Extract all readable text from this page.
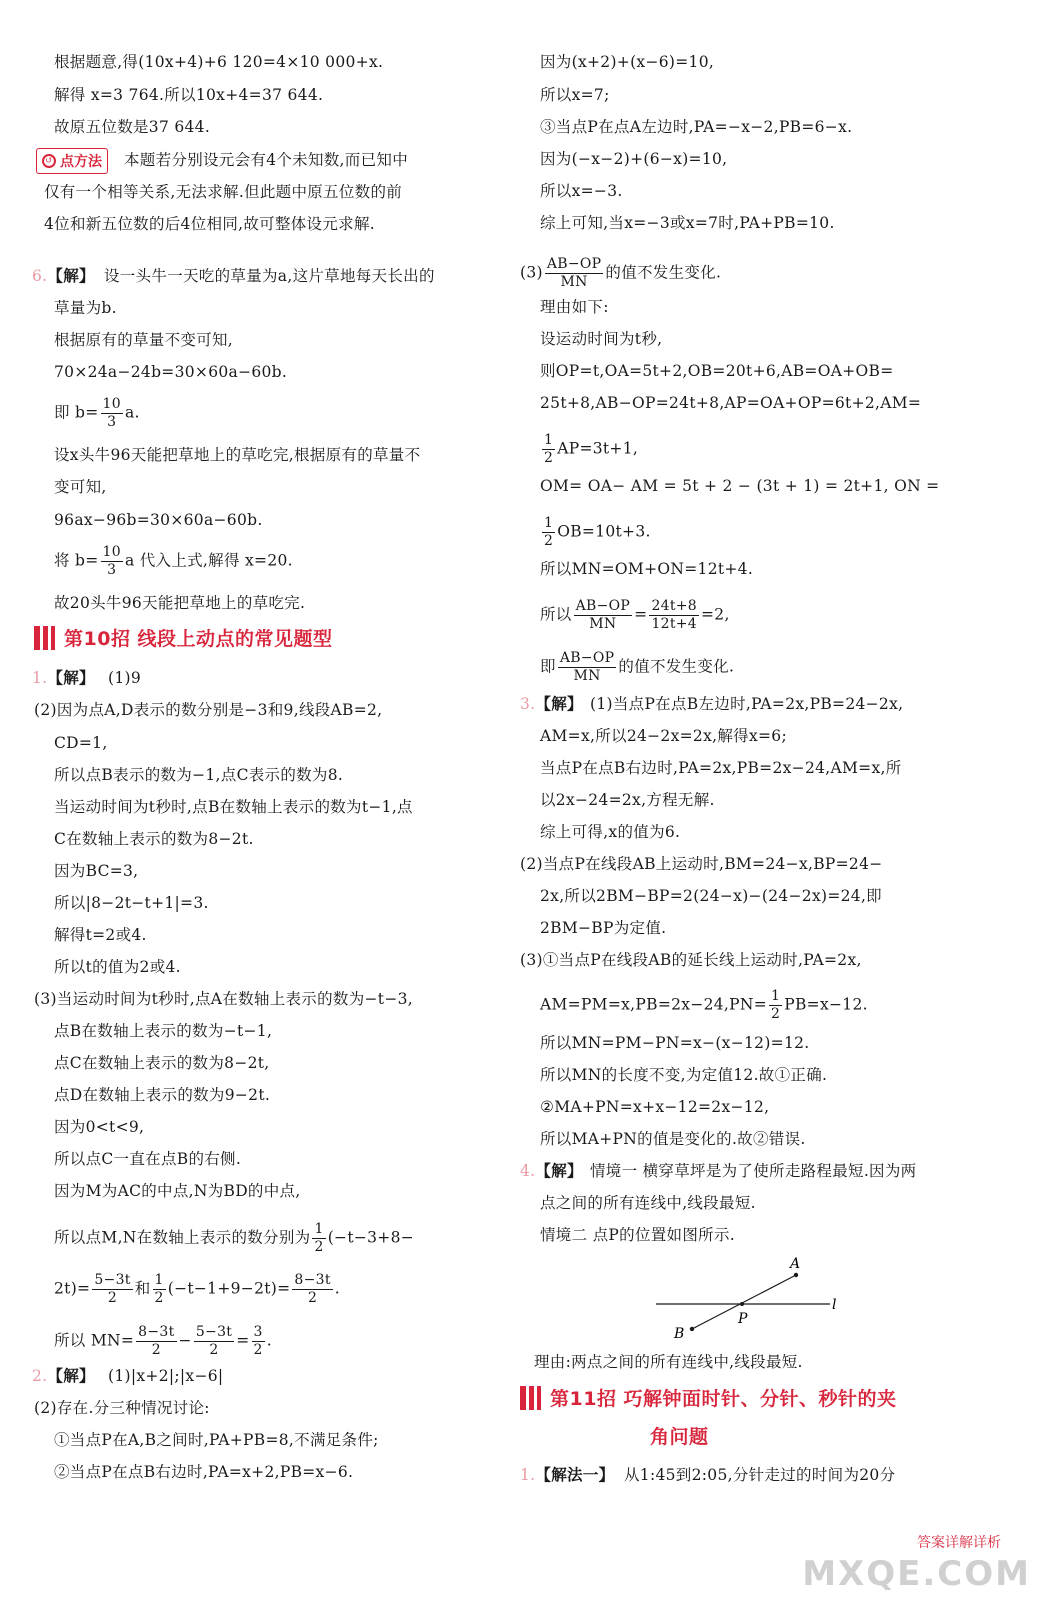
根据题意,得(10x+4)+6 120=4×10 000+x.
解得 x=3 764.所以10x+4=37 644.
故原五位数是37 644.
↺ 点方法 本题若分别设元会有4个未知数,而已知中
仅有一个相等关系,无法求解.但此题中原五位数的前
4位和新五位数的后4位相同,故可整体设元求解.
6.【解】 设一头牛一天吃的草量为a,这片草地每天长出的
草量为b.
根据原有的草量不变可知,
70×24a−24b=30×60a−60b.
即 $b= \frac{10}{3} a$.
设x头牛96天能把草地上的草吃完,根据原有的草量不
变可知,
96ax−96b=30×60a−60b.
将 $b= \frac{10}{3}$ a 代入上式,解得 x=20.
故20头牛96天能把草地上的草吃完.
第10招 线段上动点的常见题型
1.【解】 (1)9
(2)因为点A,D表示的数分别是−3和9,线段AB=2,
CD=1,
所以点B表示的数为−1,点C表示的数为8.
当运动时间为t秒时,点B在数轴上表示的数为t−1,点
C在数轴上表示的数为8−2t.
因为BC=3,
所以|8−2t−t+1|=3.
解得t=2或4.
所以t的值为2或4.
(3)当运动时间为t秒时,点A在数轴上表示的数为−t−3,
点B在数轴上表示的数为−t−1,
点C在数轴上表示的数为8−2t,
点D在数轴上表示的数为9−2t.
因为0<t<9,
所以点C一直在点B的右侧.
因为M为AC的中点,N为BD的中点,
所以点M,N在数轴上表示的数分别为 $\frac{1}{2} (-t-3+8-$
$2t)= \frac{5-3t}{2}$ 和 $\frac{1}{2} (-t-1+9-2t)= \frac{8-3t}{2}$ .
所以 $MN= \frac{8-3t}{2} - \frac{5-3t}{2} = \frac{3}{2}$ .
2.【解】 (1)|x+2|;|x−6|
(2)存在.分三种情况讨论:
①当点P在A,B之间时,PA+PB=8,不满足条件;
②当点P在点B右边时,PA=x+2,PB=x−6.
因为(x+2)+(x−6)=10,
所以x=7;
③当点P在点A左边时,PA=−x−2,PB=6−x.
因为(−x−2)+(6−x)=10,
所以x=−3.
综上可知,当x=−3或x=7时,PA+PB=10.
$(3) \frac{AB-OP}{MN}$ 的值不发生变化.
理由如下:
设运动时间为t秒,
则OP=t,OA=5t+2,OB=20t+6,AB=OA+OB=
25t+8,AB−OP=24t+8,AP=OA+OP=6t+2,AM=
$\frac{1}{2} AP=3t+1$,
OM= OA− AM = 5t + 2 − (3t + 1) = 2t+1, ON =
$\frac{1}{2} OB=10t+3$.
所以MN=OM+ON=12t+4.
所以 $\frac{AB-OP}{MN} = \frac{24t+8}{12t+4} =2$,
即 $\frac{AB-OP}{MN}$ 的值不发生变化.
3.【解】 (1)当点P在点B左边时,PA=2x,PB=24−2x,
AM=x,所以24−2x=2x,解得x=6;
当点P在点B右边时,PA=2x,PB=2x−24,AM=x,所
以2x−24=2x,方程无解.
综上可得,x的值为6.
(2)当点P在线段AB上运动时,BM=24−x,BP=24−
2x,所以2BM−BP=2(24−x)−(24−2x)=24,即
2BM−BP为定值.
(3)①当点P在线段AB的延长线上运动时,PA=2x,
$AM=PM=x,PB=2x-24,PN= \frac{1}{2} PB=x-12$.
所以MN=PM−PN=x−(x−12)=12.
所以MN的长度不变,为定值12.故①正确.
②MA+PN=x+x−12=2x−12,
所以MA+PN的值是变化的.故②错误.
4.【解】 情境一 横穿草坪是为了使所走路程最短.因为两
点之间的所有连线中,线段最短.
情境二 点P的位置如图所示.
A
B
P
l
理由:两点之间的所有连线中,线段最短.
第11招 巧解钟面时针、分针、秒针的夹
角问题
1.【解法一】 从1:45到2:05,分针走过的时间为20分
答案详解详析
MXQE.COM
